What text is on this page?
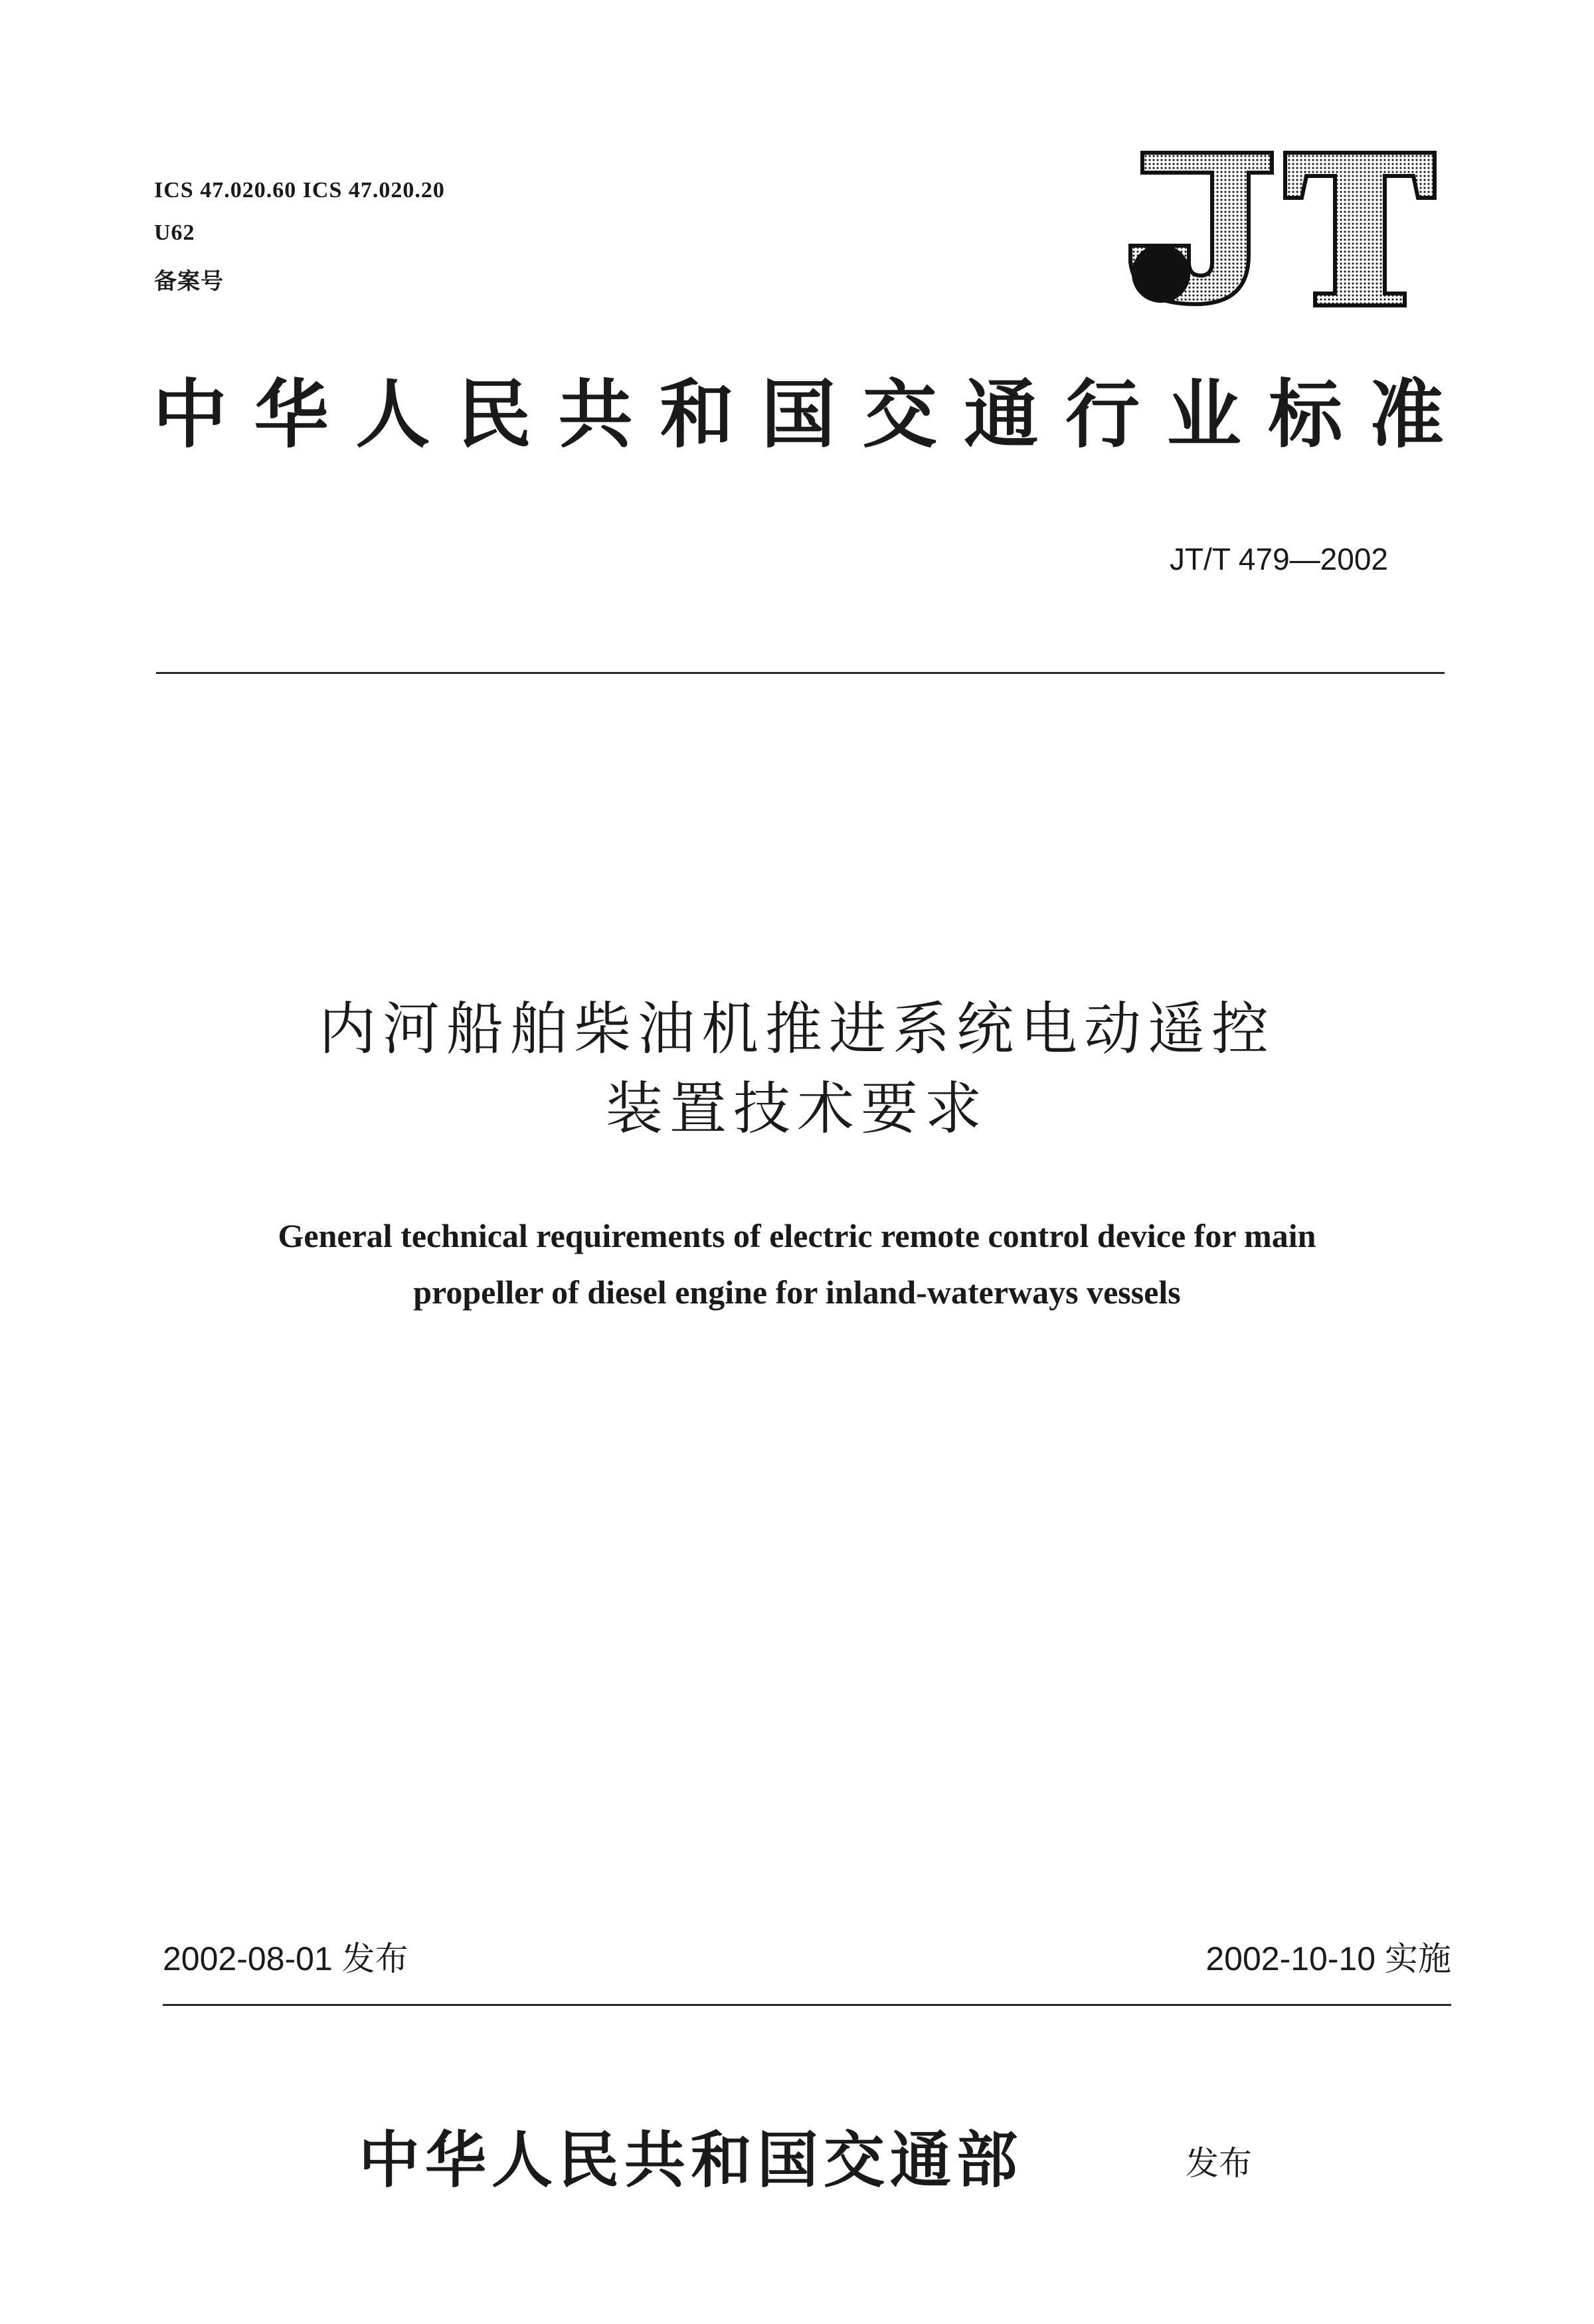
ICS 47.020.60 ICS 47.020.20
U62
备案号
中华人民共和国交通行业标准
JT/T 479—2002
内河船舶柴油机推进系统电动遥控
装置技术要求
General technical requirements of electric remote control device for main
propeller of diesel engine for inland-waterways vessels
2002-08-01 发布	2002-10-10 实施
中华人民共和国交通部	发布
